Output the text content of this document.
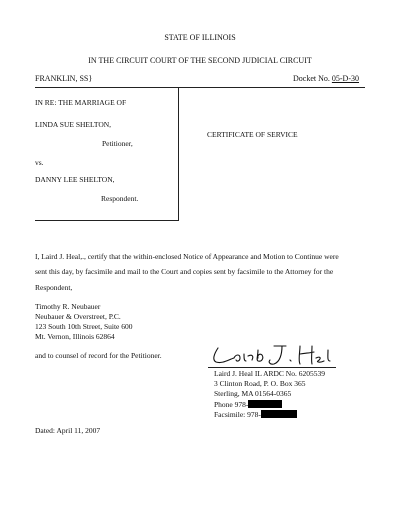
STATE OF ILLINOIS
IN THE CIRCUIT COURT OF THE SECOND JUDICIAL CIRCUIT
FRANKLIN, SS}	Docket No. 05-D-30
IN RE: THE MARRIAGE OF
LINDA SUE SHELTON,
Petitioner,
vs.
DANNY LEE SHELTON,
Respondent.
CERTIFICATE OF SERVICE
I, Laird J. Heal,., certify that the within-enclosed Notice of Appearance and Motion to Continue were
sent this day, by facsimile and mail to the Court and copies sent by facsimile to the Attorney for the
Respondent,
Timothy R. Neubauer
Neubauer & Overstreet, P.C.
123 South 10th Street, Suite 600
Mt. Vernon, Illinois 62864
and to counsel of record for the Petitioner.
Laird J. Heal IL ARDC No. 6205539
3 Clinton Road, P. O. Box 365
Sterling, MA 01564-0365
Phone 978-
Facsimile: 978-
Dated: April 11, 2007
